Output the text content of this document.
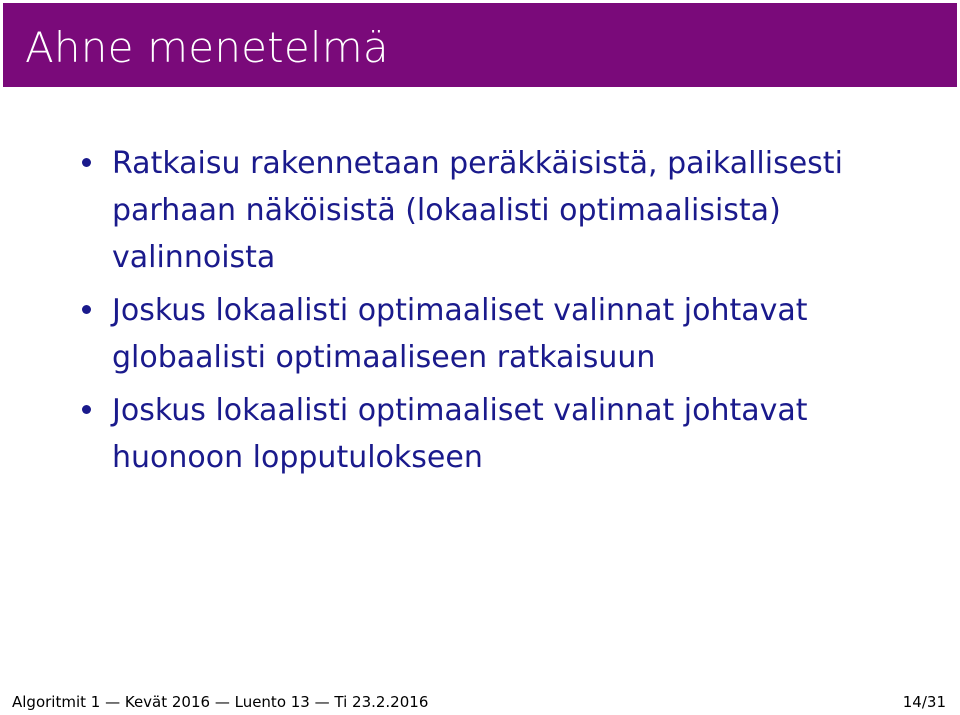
Ahne menetelmä
Ratkaisu rakennetaan peräkkäisistä, paikallisesti
parhaan näköisistä (lokaalisti optimaalisista)
valinnoista
Joskus lokaalisti optimaaliset valinnat johtavat
globaalisti optimaaliseen ratkaisuun
Joskus lokaalisti optimaaliset valinnat johtavat
huonoon lopputulokseen
Algoritmit 1 — Kevät 2016 — Luento 13 — Ti 23.2.2016	14/31
